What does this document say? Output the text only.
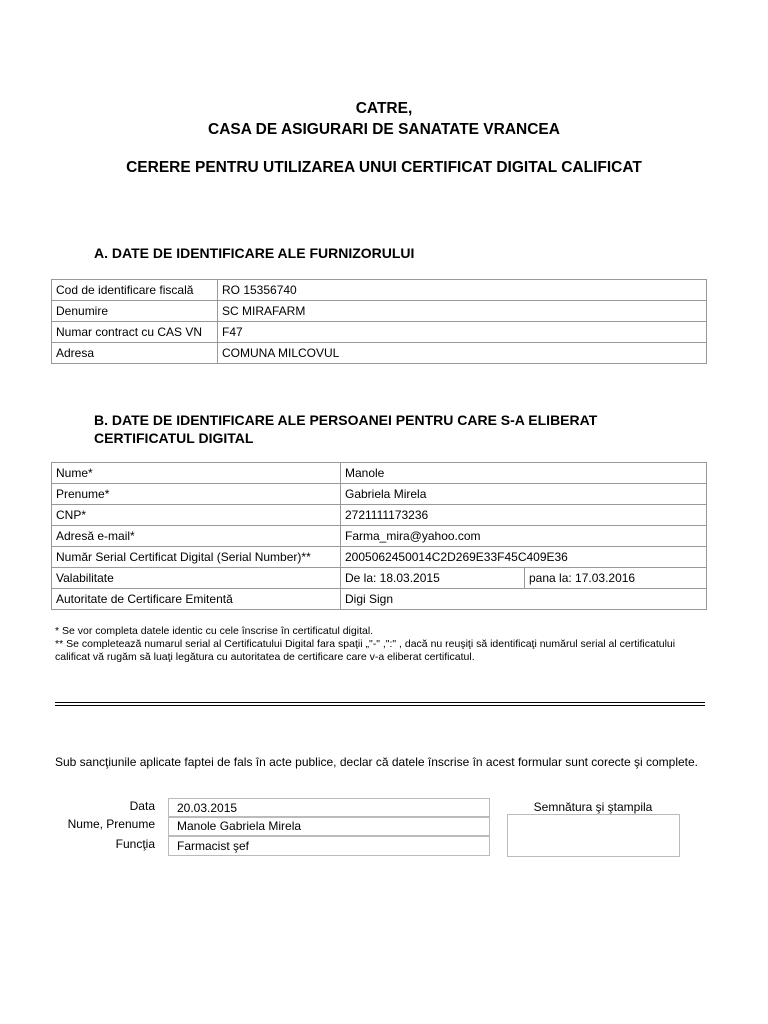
CATRE,
CASA DE ASIGURARI DE SANATATE VRANCEA
CERERE PENTRU UTILIZAREA UNUI CERTIFICAT DIGITAL CALIFICAT
A. DATE DE IDENTIFICARE ALE FURNIZORULUI
Cod de identificare fiscală	RO 15356740
Denumire	SC MIRAFARM
Numar contract cu CAS VN	F47
Adresa	COMUNA MILCOVUL
B. DATE DE IDENTIFICARE ALE PERSOANEI PENTRU CARE S-A ELIBERAT
CERTIFICATUL DIGITAL
Nume*	Manole	
Prenume*	Gabriela Mirela	
CNP*	2721111173236	
Adresă e-mail*	Farma_mira@yahoo.com	
Număr Serial Certificat Digital (Serial Number)**	2005062450014C2D269E33F45C409E36	
Valabilitate	De la: 18.03.2015	pana la: 17.03.2016
Autoritate de Certificare Emitentă	Digi Sign	
* Se vor completa datele identic cu cele înscrise în certificatul digital.
** Se completează numarul serial al Certificatului Digital fara spaţii „"-" ,":" , dacă nu reuşiţi să identificaţi numărul serial al certificatului calificat vă rugăm să luaţi legătura cu autoritatea de certificare care v-a eliberat certificatul.
Sub sancţiunile aplicate faptei de fals în acte publice, declar că datele înscrise în acest formular sunt corecte şi complete.
Data	20.03.2015
Nume, Prenume	Manole Gabriela Mirela
Funcţia	Farmacist şef
Semnătura şi ştampila
